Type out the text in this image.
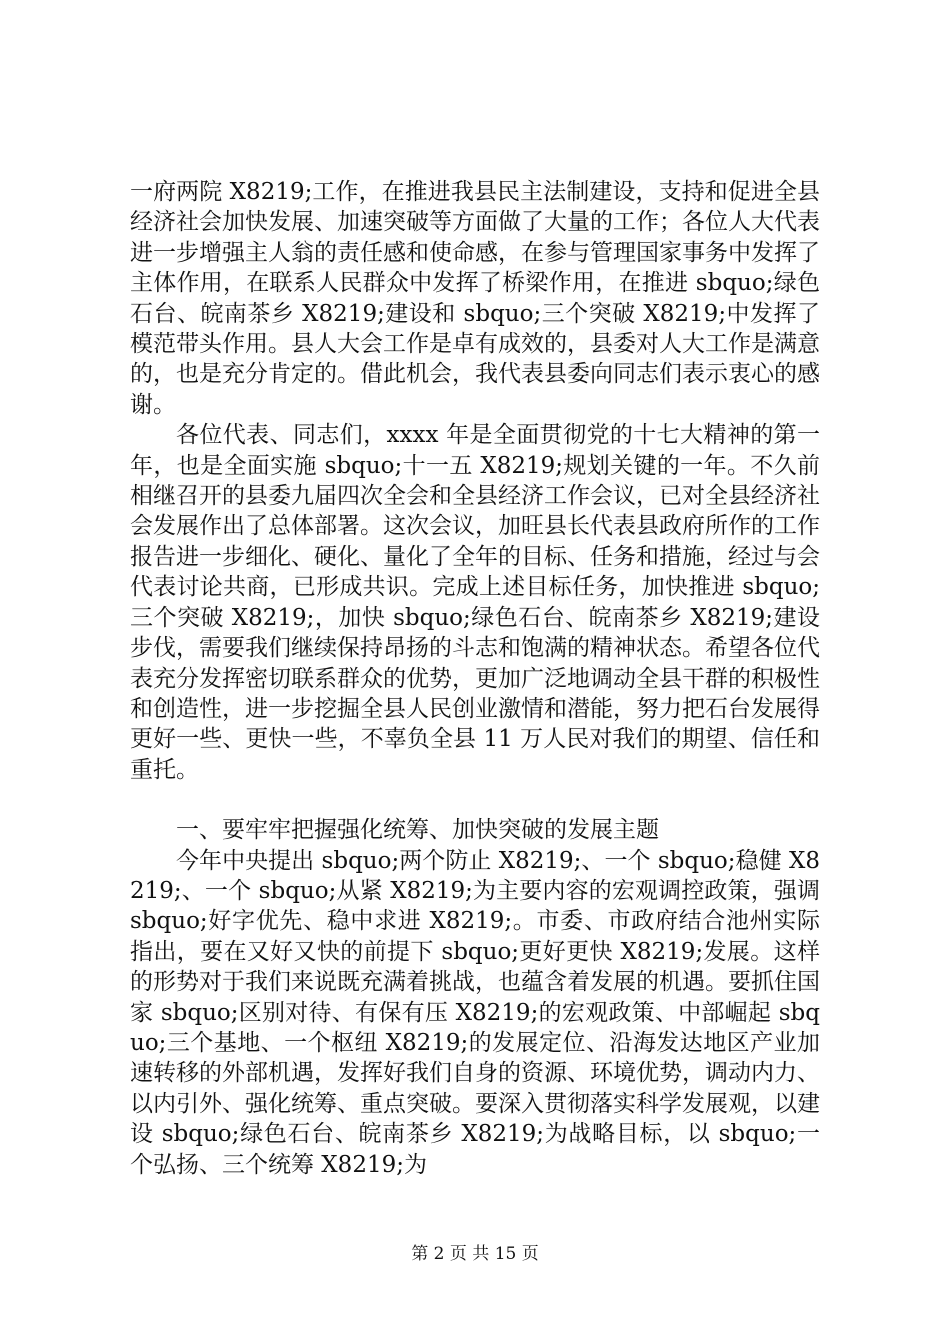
一府两院 X8219;工作，在推进我县民主法制建设，支持和促进全县经济社会加快发展、加速突破等方面做了大量的工作；各位人大代表进一步增强主人翁的责任感和使命感，在参与管理国家事务中发挥了主体作用，在联系人民群众中发挥了桥梁作用，在推进 sbquo;绿色石台、皖南茶乡 X8219;建设和 sbquo;三个突破 X8219;中发挥了模范带头作用。县人大会工作是卓有成效的，县委对人大工作是满意的，也是充分肯定的。借此机会，我代表县委向同志们表示衷心的感谢。

各位代表、同志们，xxxx 年是全面贯彻党的十七大精神的第一年，也是全面实施 sbquo;十一五 X8219;规划关键的一年。不久前相继召开的县委九届四次全会和全县经济工作会议，已对全县经济社会发展作出了总体部署。这次会议，加旺县长代表县政府所作的工作报告进一步细化、硬化、量化了全年的目标、任务和措施，经过与会代表讨论共商，已形成共识。完成上述目标任务，加快推进 sbquo;三个突破 X8219;，加快 sbquo;绿色石台、皖南茶乡 X8219;建设步伐，需要我们继续保持昂扬的斗志和饱满的精神状态。希望各位代表充分发挥密切联系群众的优势，更加广泛地调动全县干群的积极性和创造性，进一步挖掘全县人民创业激情和潜能，努力把石台发展得更好一些、更快一些，不辜负全县 11 万人民对我们的期望、信任和重托。

一、要牢牢把握强化统筹、加快突破的发展主题

今年中央提出 sbquo;两个防止 X8219;、一个 sbquo;稳健 X8219;、一个 sbquo;从紧 X8219;为主要内容的宏观调控政策，强调 sbquo;好字优先、稳中求进 X8219;。市委、市政府结合池州实际指出，要在又好又快的前提下 sbquo;更好更快 X8219;发展。这样的形势对于我们来说既充满着挑战，也蕴含着发展的机遇。要抓住国家 sbquo;区别对待、有保有压 X8219;的宏观政策、中部崛起 sbquo;三个基地、一个枢纽 X8219;的发展定位、沿海发达地区产业加速转移的外部机遇，发挥好我们自身的资源、环境优势，调动内力、以内引外、强化统筹、重点突破。要深入贯彻落实科学发展观，以建设 sbquo;绿色石台、皖南茶乡 X8219;为战略目标，以 sbquo;一个弘扬、三个统筹 X8219;为

第 2 页 共 15 页
